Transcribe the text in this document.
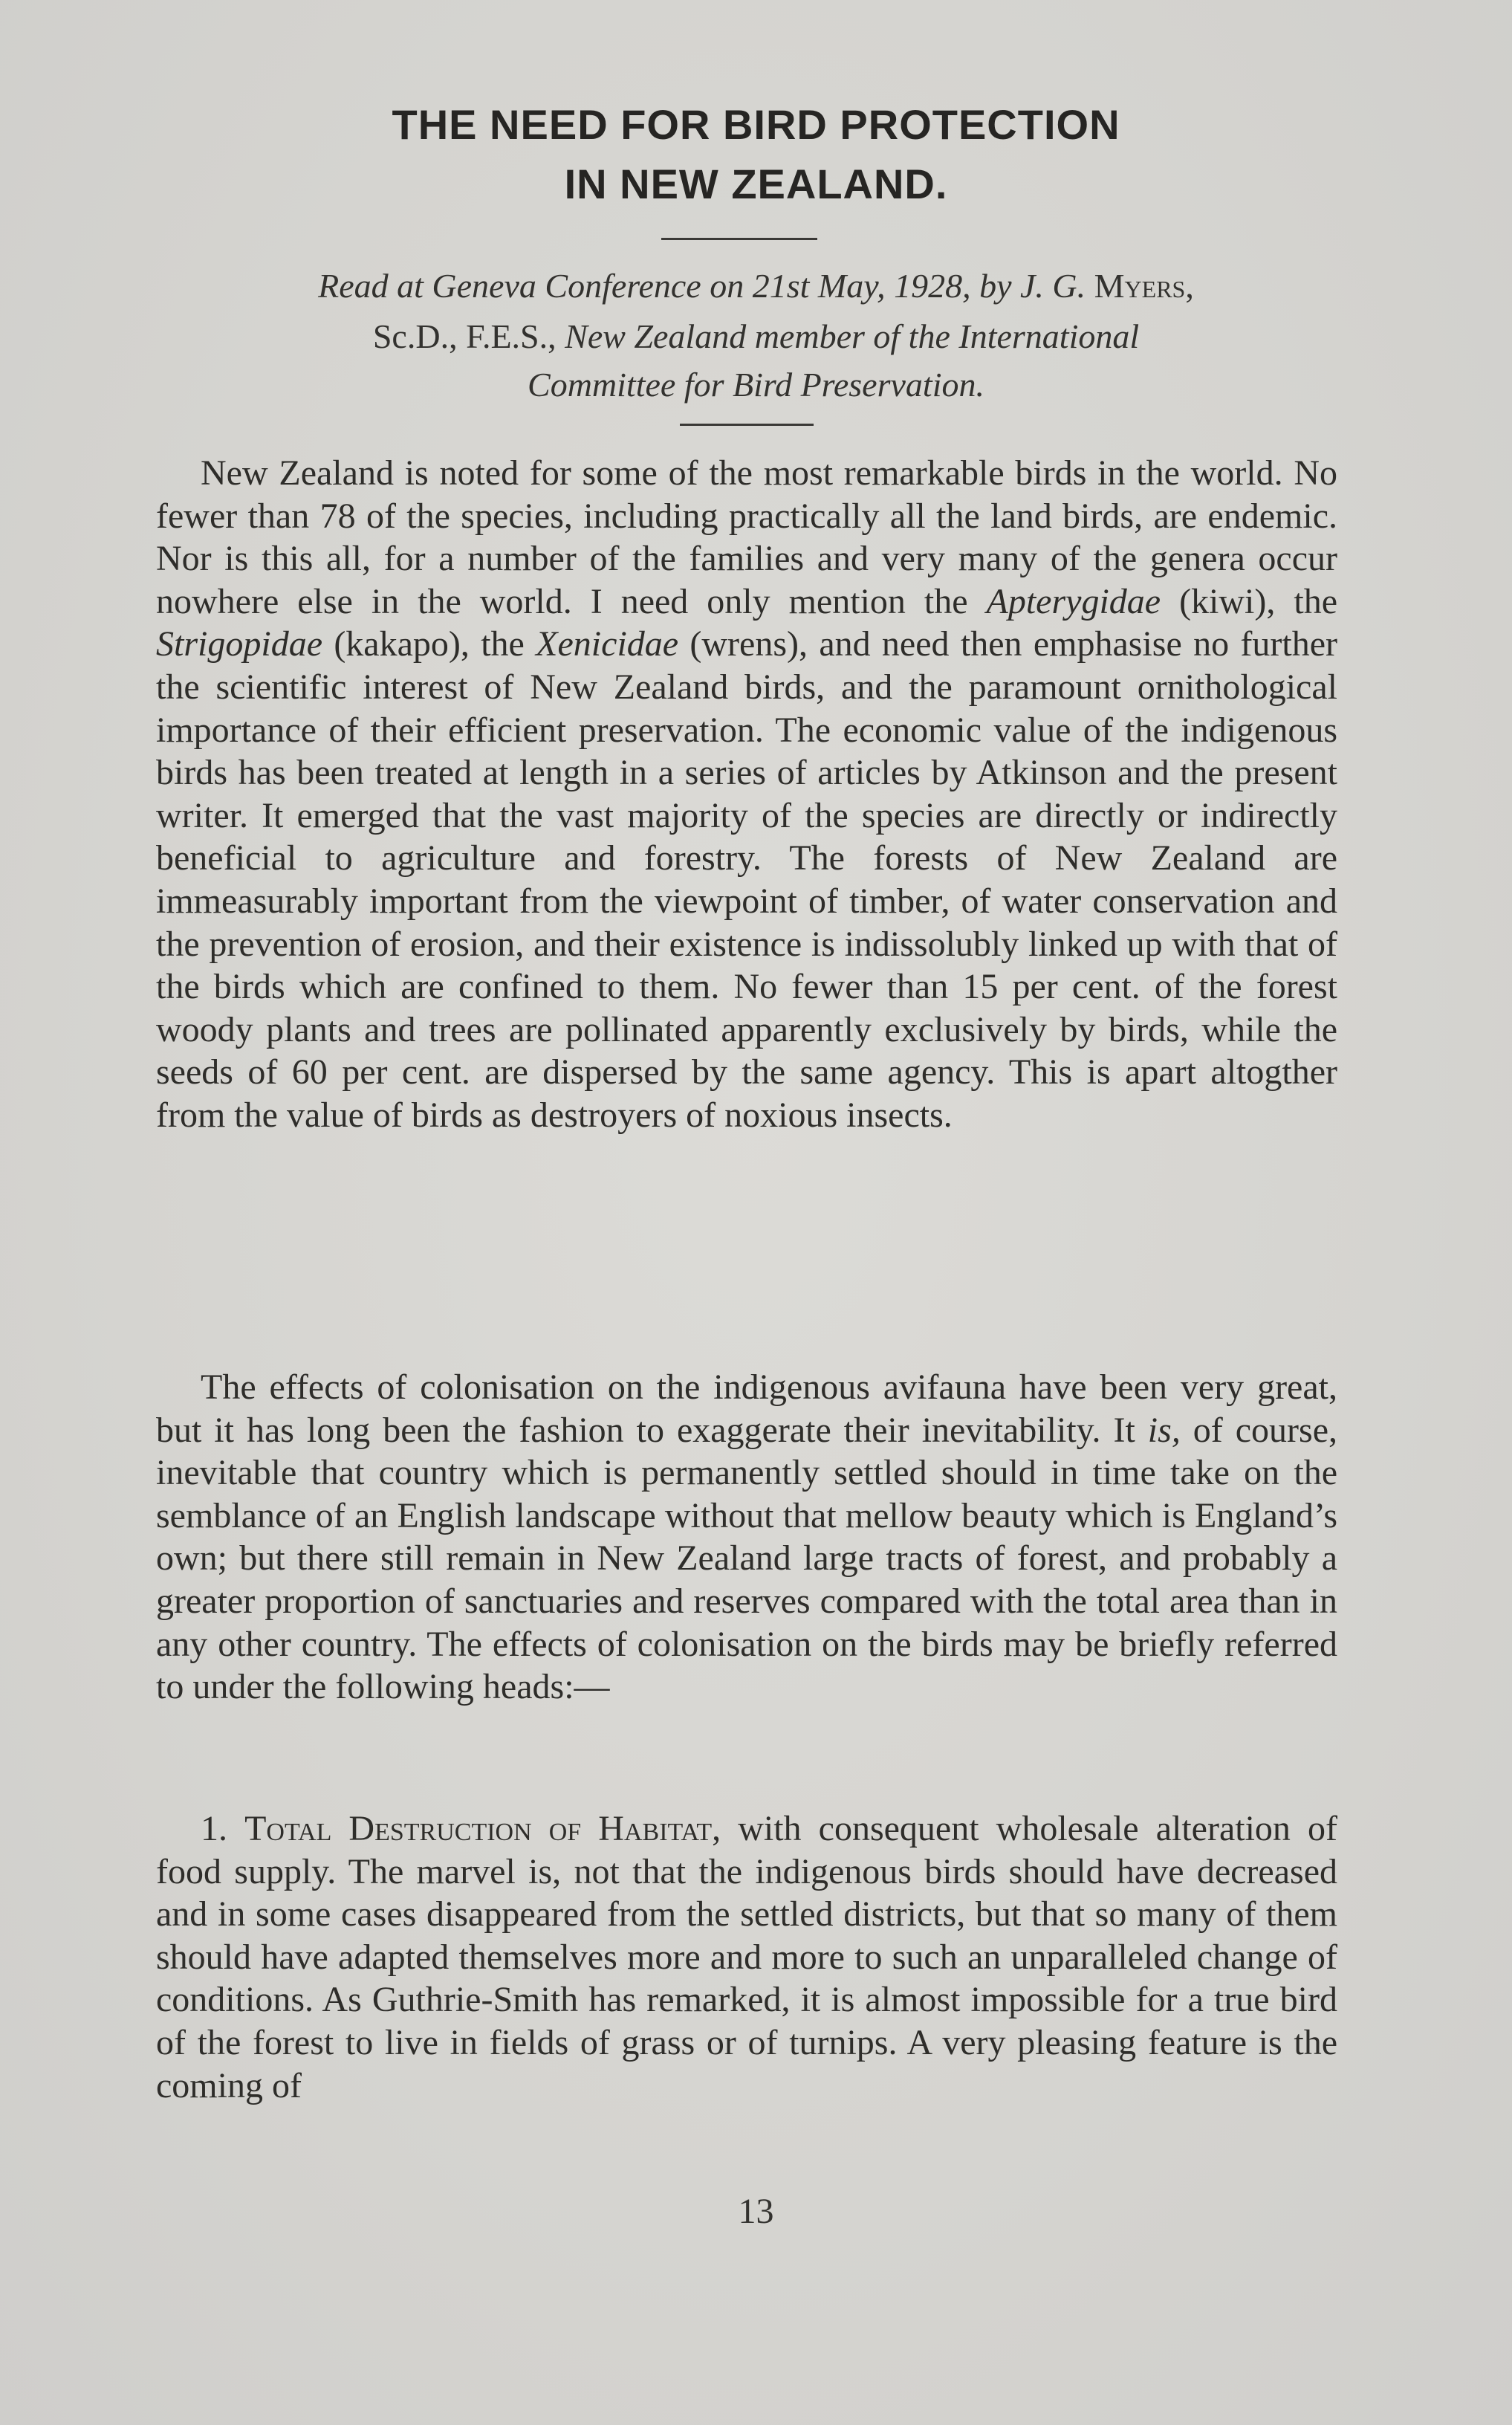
THE NEED FOR BIRD PROTECTION
IN NEW ZEALAND.
Read at Geneva Conference on 21st May, 1928, by J. G. Myers,
Sc.D., F.E.S., New Zealand member of the International
Committee for Bird Preservation.

New Zealand is noted for some of the most remarkable birds in the world. No fewer than 78 of the species, including practically all the land birds, are endemic. Nor is this all, for a number of the families and very many of the genera occur nowhere else in the world. I need only mention the Apterygidae (kiwi), the Strigopidae (kakapo), the Xenicidae (wrens), and need then emphasise no further the scientific interest of New Zealand birds, and the paramount ornithological importance of their efficient preservation. The economic value of the indigenous birds has been treated at length in a series of articles by Atkinson and the present writer. It emerged that the vast majority of the species are directly or indirectly beneficial to agriculture and forestry. The forests of New Zealand are immeasurably important from the viewpoint of timber, of water conservation and the prevention of erosion, and their existence is indissolubly linked up with that of the birds which are confined to them. No fewer than 15 per cent. of the forest woody plants and trees are pollinated apparently exclusively by birds, while the seeds of 60 per cent. are dispersed by the same agency. This is apart altogther from the value of birds as destroyers of noxious insects.

The effects of colonisation on the indigenous avifauna have been very great, but it has long been the fashion to exaggerate their inevitability. It is, of course, inevitable that country which is permanently settled should in time take on the semblance of an English landscape without that mellow beauty which is England’s own; but there still remain in New Zealand large tracts of forest, and probably a greater proportion of sanctuaries and reserves compared with the total area than in any other country. The effects of colonisation on the birds may be briefly referred to under the following heads:—

1. Total Destruction of Habitat, with consequent wholesale alteration of food supply. The marvel is, not that the indigenous birds should have decreased and in some cases disappeared from the settled districts, but that so many of them should have adapted themselves more and more to such an unparalleled change of conditions. As Guthrie-Smith has remarked, it is almost impossible for a true bird of the forest to live in fields of grass or of turnips. A very pleasing feature is the coming of

13
